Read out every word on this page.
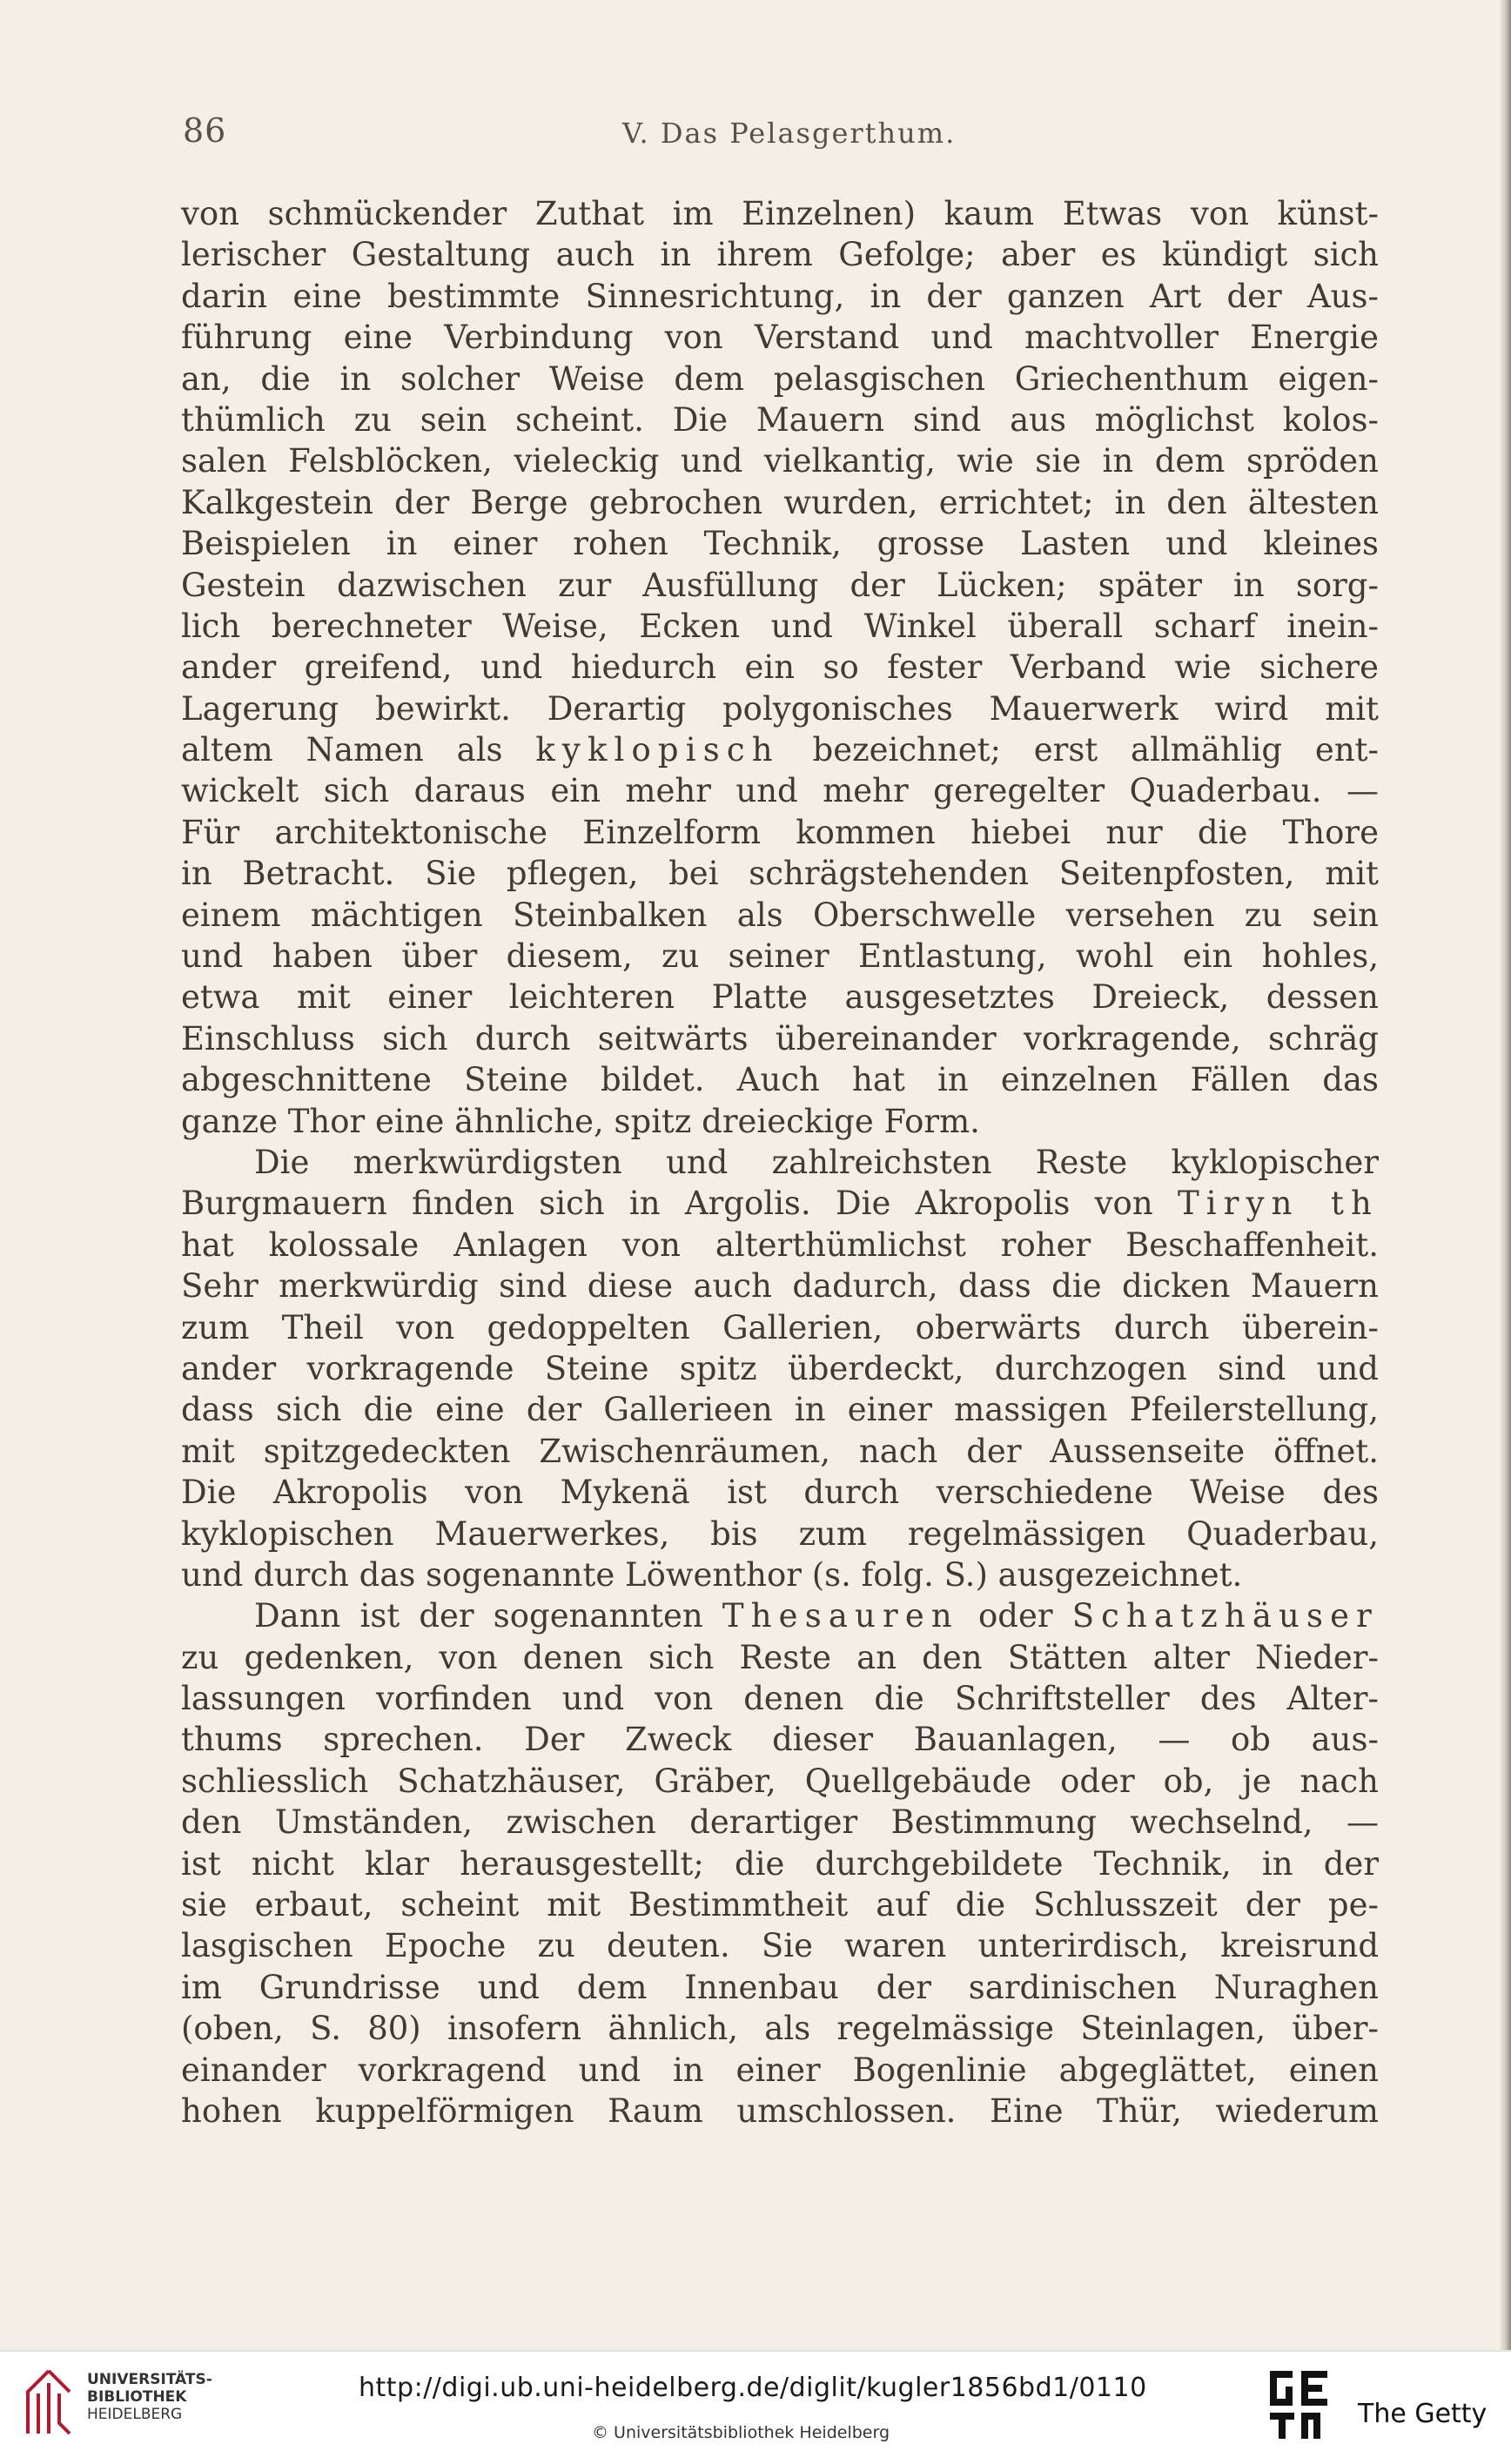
86	V. Das Pelasgerthum.
von schmückender Zuthat im Einzelnen) kaum Etwas von künst-
lerischer Gestaltung auch in ihrem Gefolge; aber es kündigt sich
darin eine bestimmte Sinnesrichtung, in der ganzen Art der Aus-
führung eine Verbindung von Verstand und machtvoller Energie
an, die in solcher Weise dem pelasgischen Griechenthum eigen-
thümlich zu sein scheint. Die Mauern sind aus möglichst kolos-
salen Felsblöcken, vieleckig und vielkantig, wie sie in dem spröden
Kalkgestein der Berge gebrochen wurden, errichtet; in den ältesten
Beispielen in einer rohen Technik, grosse Lasten und kleines
Gestein dazwischen zur Ausfüllung der Lücken; später in sorg-
lich berechneter Weise, Ecken und Winkel überall scharf inein-
ander greifend, und hiedurch ein so fester Verband wie sichere
Lagerung bewirkt. Derartig polygonisches Mauerwerk wird mit
altem Namen als kyklopisch bezeichnet; erst allmählig ent-
wickelt sich daraus ein mehr und mehr geregelter Quaderbau. —
Für architektonische Einzelform kommen hiebei nur die Thore
in Betracht. Sie pflegen, bei schrägstehenden Seitenpfosten, mit
einem mächtigen Steinbalken als Oberschwelle versehen zu sein
und haben über diesem, zu seiner Entlastung, wohl ein hohles,
etwa mit einer leichteren Platte ausgesetztes Dreieck, dessen
Einschluss sich durch seitwärts übereinander vorkragende, schräg
abgeschnittene Steine bildet. Auch hat in einzelnen Fällen das
ganze Thor eine ähnliche, spitz dreieckige Form.
Die merkwürdigsten und zahlreichsten Reste kyklopischer
Burgmauern finden sich in Argolis. Die Akropolis von Tiryn th
hat kolossale Anlagen von alterthümlichst roher Beschaffenheit.
Sehr merkwürdig sind diese auch dadurch, dass die dicken Mauern
zum Theil von gedoppelten Gallerien, oberwärts durch überein-
ander vorkragende Steine spitz überdeckt, durchzogen sind und
dass sich die eine der Gallerieen in einer massigen Pfeilerstellung,
mit spitzgedeckten Zwischenräumen, nach der Aussenseite öffnet.
Die Akropolis von Mykenä ist durch verschiedene Weise des
kyklopischen Mauerwerkes, bis zum regelmässigen Quaderbau,
und durch das sogenannte Löwenthor (s. folg. S.) ausgezeichnet.
Dann ist der sogenannten Thesauren oder Schatzhäuser
zu gedenken, von denen sich Reste an den Stätten alter Nieder-
lassungen vorfinden und von denen die Schriftsteller des Alter-
thums sprechen. Der Zweck dieser Bauanlagen, — ob aus-
schliesslich Schatzhäuser, Gräber, Quellgebäude oder ob, je nach
den Umständen, zwischen derartiger Bestimmung wechselnd, —
ist nicht klar herausgestellt; die durchgebildete Technik, in der
sie erbaut, scheint mit Bestimmtheit auf die Schlusszeit der pe-
lasgischen Epoche zu deuten. Sie waren unterirdisch, kreisrund
im Grundrisse und dem Innenbau der sardinischen Nuraghen
(oben, S. 80) insofern ähnlich, als regelmässige Steinlagen, über-
einander vorkragend und in einer Bogenlinie abgeglättet, einen
hohen kuppelförmigen Raum umschlossen. Eine Thür, wiederum
UNIVERSITÄTS-
BIBLIOTHEK
HEIDELBERG
http://digi.ub.uni-heidelberg.de/diglit/kugler1856bd1/0110
© Universitätsbibliothek Heidelberg
The Getty
